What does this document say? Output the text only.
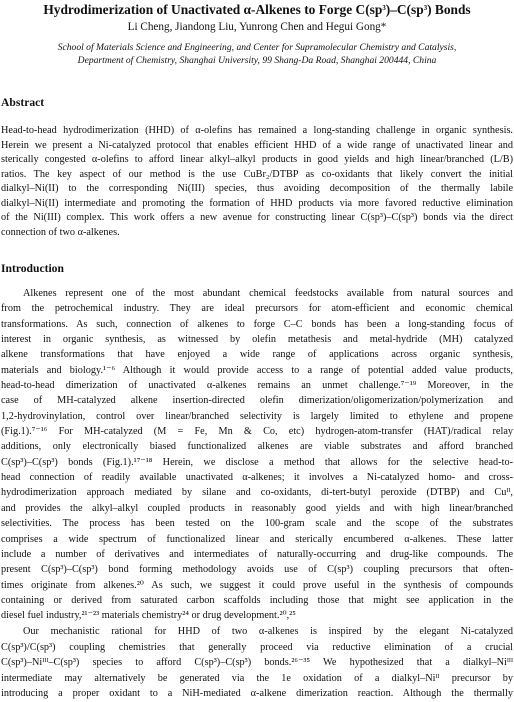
Hydrodimerization of Unactivated α-Alkenes to Forge $C(sp^3)-C(sp^3)$ Bonds
Li Cheng, Jiandong Liu, Yunrong Chen and Hegui Gong*
School of Materials Science and Engineering, and Center for Supramolecular Chemistry and Catalysis,
Department of Chemistry, Shanghai University, 99 Shang-Da Road, Shanghai 200444, China
Abstract
Head-to-head hydrodimerization (HHD) of α-olefins has remained a long-standing challenge in organic synthesis.
Herein we present a Ni-catalyzed protocol that enables efficient HHD of a wide range of unactivated linear and
sterically congested α-olefins to afford linear alkyl–alkyl products in good yields and high linear/branched (L/B)
ratios. The key aspect of our method is the use CuBr₂/DTBP as co-oxidants that likely convert the initial
dialkyl–Ni(II) to the corresponding Ni(III) species, thus avoiding decomposition of the thermally labile
dialkyl–Ni(II) intermediate and promoting the formation of HHD products via more favored reductive elimination
of the Ni(III) complex. This work offers a new avenue for constructing linear C(sp³)–C(sp³) bonds via the direct
connection of two α-alkenes.
Introduction
Alkenes represent one of the most abundant chemical feedstocks available from natural sources and
from the petrochemical industry. They are ideal precursors for atom-efficient and economic chemical
transformations. As such, connection of alkenes to forge C–C bonds has been a long-standing focus of
interest in organic synthesis, as witnessed by olefin metathesis and metal-hydride (MH) catalyzed
alkene transformations that have enjoyed a wide range of applications across organic synthesis,
materials and biology.¹⁻⁶ Although it would provide access to a range of potential added value products,
head-to-head dimerization of unactivated α-alkenes remains an unmet challenge.⁷⁻¹⁹ Moreover, in the
case of MH-catalyzed alkene insertion-directed olefin dimerization/oligomerization/polymerization and
1,2-hydrovinylation, control over linear/branched selectivity is largely limited to ethylene and propene
(Fig.1).⁷⁻¹⁶ For MH-catalyzed (M = Fe, Mn & Co, etc) hydrogen-atom-transfer (HAT)/radical relay
additions, only electronically biased functionalized alkenes are viable substrates and afford branched
C(sp³)–C(sp³) bonds (Fig.1).¹⁷⁻¹⁸ Herein, we disclose a method that allows for the selective head-to-
head connection of readily available unactivated α-alkenes; it involves a Ni-catalyzed homo- and cross-
hydrodimerization approach mediated by silane and co-oxidants, di-tert-butyl peroxide (DTBP) and Cuᴵᴵ,
and provides the alkyl–alkyl coupled products in reasonably good yields and with high linear/branched
selectivities. The process has been tested on the 100-gram scale and the scope of the substrates
comprises a wide spectrum of functionalized linear and sterically encumbered α-alkenes. These latter
include a number of derivatives and intermediates of naturally-occurring and drug-like compounds. The
present C(sp³)–C(sp³) bond forming methodology avoids use of C(sp³) coupling precursors that often-
times originate from alkenes.²⁰ As such, we suggest it could prove useful in the synthesis of compounds
containing or derived from saturated carbon scaffolds including those that might see application in the
diesel fuel industry,²¹⁻²³ materials chemistry²⁴ or drug development.²⁰,²⁵
Our mechanistic rational for HHD of two α-alkenes is inspired by the elegant Ni-catalyzed
C(sp³)/C(sp³) coupling chemistries that generally proceed via reductive elimination of a crucial
C(sp³)–Niᴵᴵᴵ–C(sp³) species to afford C(sp³)–C(sp³) bonds.²⁶⁻³⁵ We hypothesized that a dialkyl–Niᴵᴵᴵ
intermediate may alternatively be generated via the 1e oxidation of a dialkyl–Niᴵᴵ precursor by
introducing a proper oxidant to a NiH-mediated α-alkene dimerization reaction. Although the thermally
